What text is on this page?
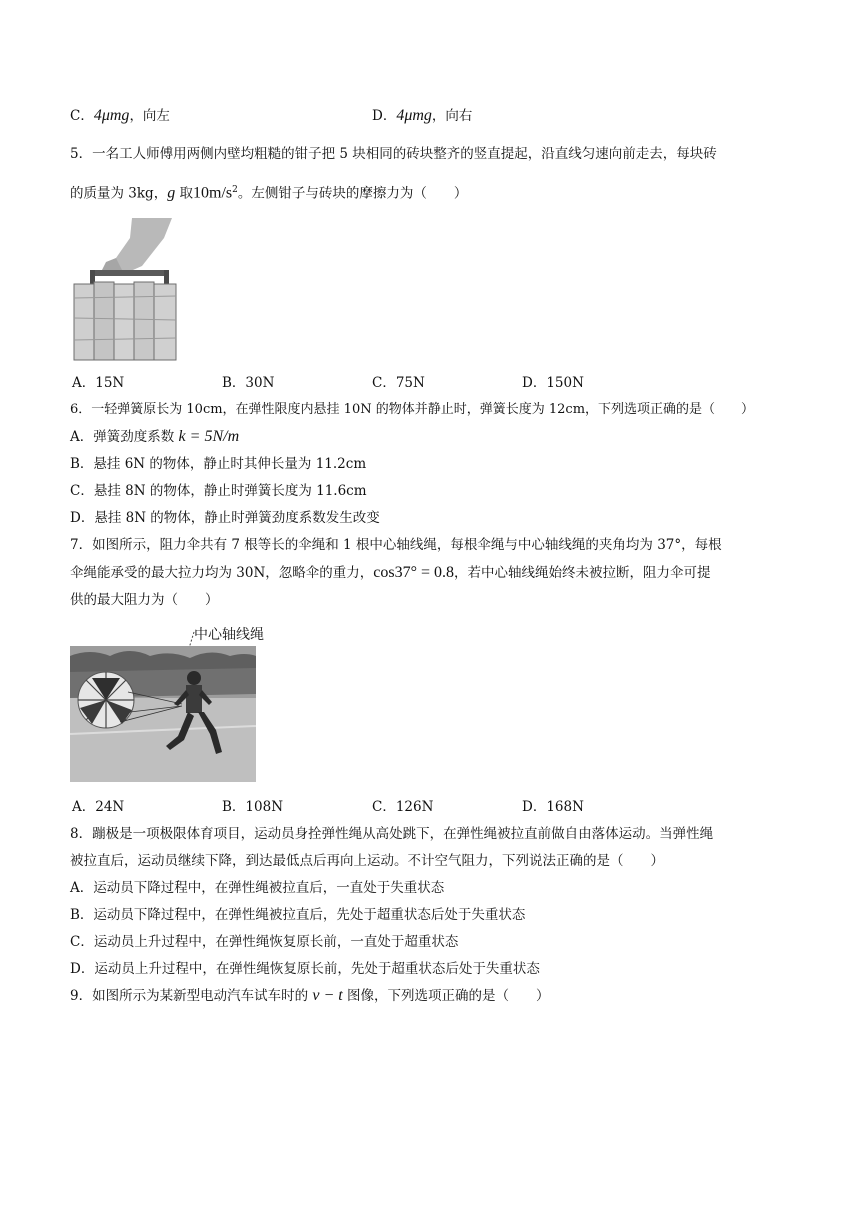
C．4μmg，向左	D．4μmg，向右
5．一名工人师傅用两侧内壁均粗糙的钳子把 5 块相同的砖块整齐的竖直提起，沿直线匀速向前走去，每块砖
的质量为 3kg，g 取$10m/s^2$。左侧钳子与砖块的摩擦力为（　　）
A．15N	B．30N	C．75N	D．150N
6．一轻弹簧原长为 10cm，在弹性限度内悬挂 10N 的物体并静止时，弹簧长度为 12cm，下列选项正确的是（　　）
A．弹簧劲度系数 k = 5N/m
B．悬挂 6N 的物体，静止时其伸长量为 11.2cm
C．悬挂 8N 的物体，静止时弹簧长度为 11.6cm
D．悬挂 8N 的物体，静止时弹簧劲度系数发生改变
7．如图所示，阻力伞共有 7 根等长的伞绳和 1 根中心轴线绳，每根伞绳与中心轴线绳的夹角均为 37°，每根
伞绳能承受的最大拉力均为 30N，忽略伞的重力，cos37° = 0.8，若中心轴线绳始终未被拉断，阻力伞可提
供的最大阻力为（　　）
中心轴线绳
A．24N	B．108N	C．126N	D．168N
8．蹦极是一项极限体育项目，运动员身拴弹性绳从高处跳下，在弹性绳被拉直前做自由落体运动。当弹性绳
被拉直后，运动员继续下降，到达最低点后再向上运动。不计空气阻力，下列说法正确的是（　　）
A．运动员下降过程中，在弹性绳被拉直后，一直处于失重状态
B．运动员下降过程中，在弹性绳被拉直后，先处于超重状态后处于失重状态
C．运动员上升过程中，在弹性绳恢复原长前，一直处于超重状态
D．运动员上升过程中，在弹性绳恢复原长前，先处于超重状态后处于失重状态
9．如图所示为某新型电动汽车试车时的 v − t 图像，下列选项正确的是（　　）
